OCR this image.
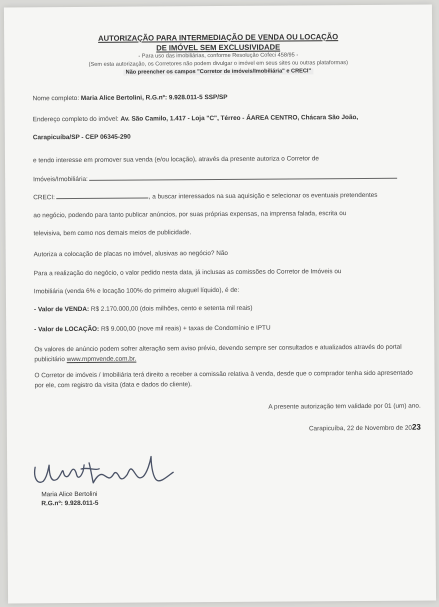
AUTORIZAÇÃO PARA INTERMEDIAÇÃO DE VENDA OU LOCAÇÃO
DE IMÓVEL SEM EXCLUSIVIDADE
- Para uso das imobiliárias, conforme Resolução Cofeci 458/95 -
(Sem esta autorização, os Corretores não podem divulgar o imóvel em seus sites ou outras plataformas)
Não preencher os campos "Corretor de imóveis/Imobiliária" e CRECI"
Nome completo: Maria Alice Bertolini, R.G.nº: 9.928.011-5 SSP/SP
Endereço completo do imóvel: Av. São Camilo, 1.417 - Loja "C", Térreo - ÁAREA CENTRO, Chácara São João,
Carapicuíba/SP - CEP 06345-290
e tendo interesse em promover sua venda (e/ou locação), através da presente autoriza o Corretor de
Imóveis/Imobiliária:
CRECI:	, a buscar interessados na sua aquisição e selecionar os eventuais pretendentes
ao negócio, podendo para tanto publicar anúncios, por suas próprias expensas, na imprensa falada, escrita ou
televisiva, bem como nos demais meios de publicidade.
Autoriza a colocação de placas no imóvel, alusivas ao negócio? Não
Para a realização do negócio, o valor pedido nesta data, já inclusas as comissões do Corretor de Imóveis ou
Imobiliária (venda 6% e locação 100% do primeiro aluguel líquido), é de:
- Valor de VENDA: R$ 2.170.000,00 (dois milhões, cento e setenta mil reais)
- Valor de LOCAÇÃO: R$ 9.000,00 (nove mil reais) + taxas de Condomínio e IPTU
Os valores de anúncio podem sofrer alteração sem aviso prévio, devendo sempre ser consultados e atualizados através do portal publicitário www.mpmvende.com.br.
O Corretor de imóveis / Imobiliária terá direito a receber a comissão relativa à venda, desde que o comprador tenha sido apresentado por ele, com registro da visita (data e dados do cliente).
A presente autorização tem validade por 01 (um) ano.
Carapicuíba, 22 de Novembro de 2023
Maria Alice Bertolini
R.G.nº: 9.928.011-5
